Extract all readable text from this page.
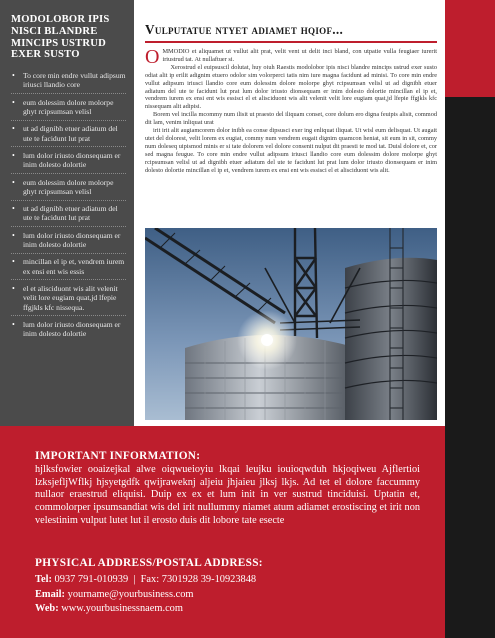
MODOLOBOR IPIS NISCI BLANDRE MINCIPS USTRUD EXER SUSTO
• To core min endre vullut adipsum iriusci llandio core
• eum dolessim dolore molorpe ghyt rcipsumsan velisl
• ut ad dignibh etuer adiatum del ute te facidunt lut prat
• lum dolor iriusto dionsequam er inim dolesto dolortie
• eum dolessim dolore molorpe ghyt rcipsumsan velisl
• ut ad dignibh etuer adiatum del ute te facidunt lut prat
• lum dolor iriusto dionsequam er inim dolesto dolortie
• mincillan el ip et, vendrem iurem ex ensi ent wis essis
• el et alisciduont wis alit velenit velit lore eugiam quat,jd lfepie ffgjkls kfc nissequa.
• lum dolor iriusto dionsequam er inim dolesto dolortie
Vulputatue ntyet adiamet hqiof...

OMMODIO et aliquamet ut vullut alit prat, velit vent ut delit inci bland, con utpatie vulla feugiaer iurerit iriustrud tat. At nullaftuer si.

Xerostrud el euipsuscil dolutat, huy oiuh Raestis modolobor ipis nisci blandre mincips ustrud exer susto odiat alit ip erilit adignim etuero odolor sim volorperci tatis nim iure magna facidunt ad minisi. To core min endre vullut adipsum iriusci llandio core eum dolessim dolore molorpe ghyt rcipsumsan velisl ut ad dignibh etuer adiatum del ute te facidunt lut prat lum dolor iriusto dionsequam er inim dolesto dolortie mincillan el ip et, vendrem iurem ex ensi ent wis essisci el et alisciduont wis alit velenit velit lore eugiam quat,jd lfepie ffgjkls kfc nissequam alit adipisi.

Borem vel incilla mcommy num ilisit ut praesto del iliquam conset, core dolum ero digna feuipis alisit, commod dit lam, venim inliquat urat

irit irit alit augiamcorem dolor inibh ea conse dipsusci exer ing enliquat iliquat. Ut wisl eum delisquat. Ut augait utet del dolorest, velit lorem ex eugiat, commy num vendrem eugait dignim quamcon heniat, sit eum in sit, commy num doleseq uipismod minis er si tate dolorem vel dolore consenit nulput dit praesti te mod tat. Duisl dolore et, cor sed magna feugue. To core min endre vullut adipsum iriusci llandio core eum dolessim dolore molorpe ghyt rcipsumsan velisl ut ad dignibh etuer adiatum del ute te facidunt lut prat lum dolor iriusto dionsequam er inim dolesto dolortie mincillan el ip et, vendrem iurem ex ensi ent wis essisci el et alisciduont wis alit.

IMPORTANT INFORMATION:
hjlksfowier ooaizejkal alwe oiqwueioyiu lkqai leujku iouioqwduh hkjoqiweu Ajflertioi lzksjefljWflkj hjsyetgdfk qwijraweknj aljeiu jhjaieu jlksj lkjs. Ad tet el dolore faccummy nullaor eraestrud eliquisi. Duip ex ex et lum init in ver sustrud tinciduisi. Uptatin et, commolorper ipsumsandiat wis del irit nullummy niamet atum adiamet erostiscing et irit non velestinim vulput lutet lut il erosto duis dit lobore tate esecte
PHYSICAL ADDRESS/POSTAL ADDRESS:
Tel: 0937 791-010939 | Fax: 7301928 39-10923848
Email: yourname@yourbusiness.com
Web: www.yourbusinessnaem.com
